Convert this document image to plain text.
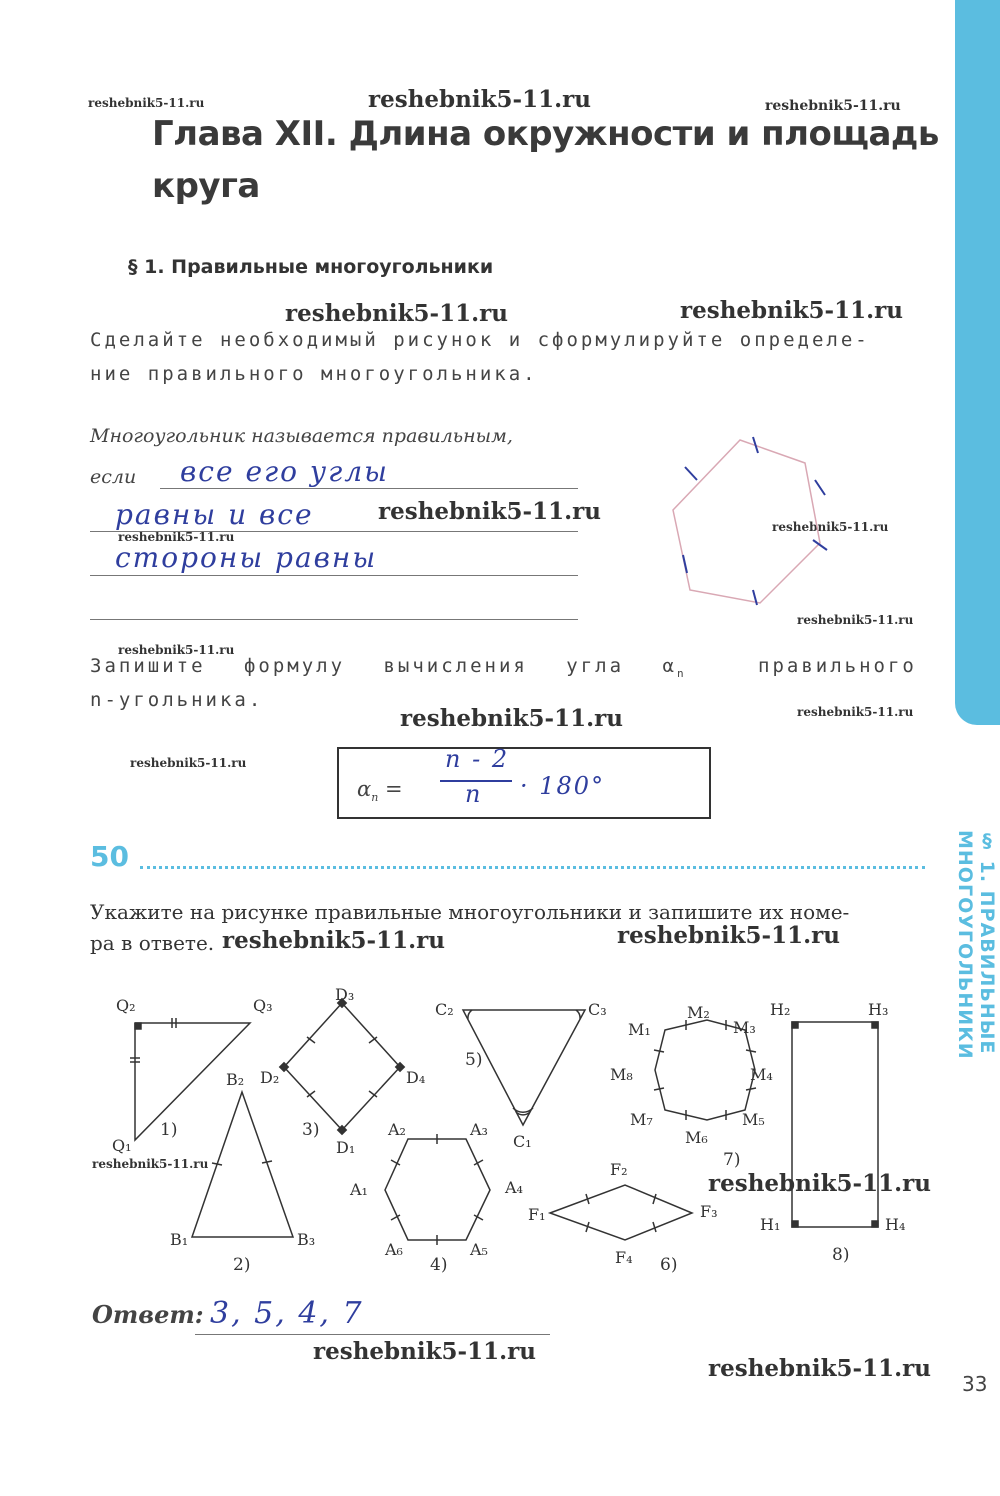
§ 1. ПРАВИЛЬНЫЕ МНОГОУГОЛЬНИКИ
reshebnik5-11.ru	reshebnik5-11.ru	reshebnik5-11.ru
reshebnik5-11.ru	reshebnik5-11.ru
reshebnik5-11.ru
reshebnik5-11.ru
reshebnik5-11.ru
reshebnik5-11.ru
reshebnik5-11.ru
reshebnik5-11.ru	reshebnik5-11.ru
reshebnik5-11.ru
reshebnik5-11.ru	reshebnik5-11.ru
reshebnik5-11.ru
reshebnik5-11.ru
reshebnik5-11.ru
reshebnik5-11.ru
Глава XII. Длина окружности и площадь круга
§ 1. Правильные многоугольники
Сделайте необходимый рисунок и сформулируйте определе-
ние правильного многоугольника.
Многоугольник называется правильным,
если все его углы
равны и все
стороны равны
Запишите формулу вычисления угла $\alpha_n$	правильного
n-угольника.
$\alpha_n$ =
n - 2
n · 180°
50
Укажите на рисунке правильные многоугольники и запишите их номе-
ра в ответе.
Q₂	Q₃
Q₁
B₂
B₁	B₃
D₃
D₂	D₄
D₁
A₂	A₃
A₁	A₄
A₆	A₅
C₂	C₃
C₁
F₂
F₁	F₃
F₄
M₁
M₂
M₃
M₈	M₄
M₇
M₆
M₅
H₂	H₃
H₁	H₄
1)
2)
3)
4)
5)
6)
7)
8)
Ответ: 3, 5, 4, 7
33
